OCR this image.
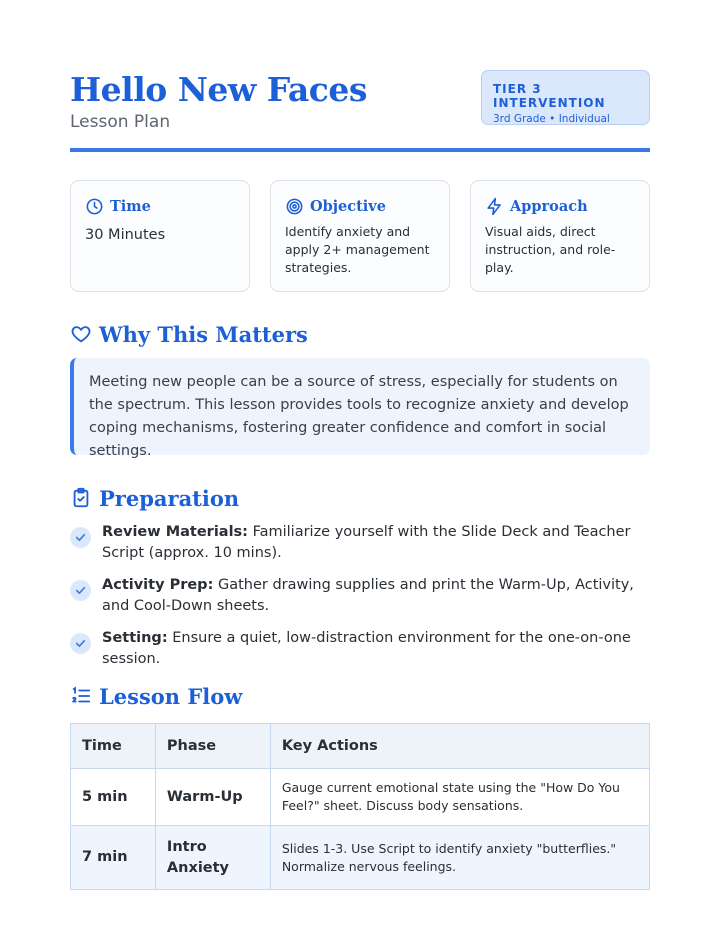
Hello New Faces
Lesson Plan
TIER 3 INTERVENTION
3rd Grade • Individual
Time
30 Minutes
Objective
Identify anxiety and apply 2+ management strategies.
Approach
Visual aids, direct instruction, and role-play.
Why This Matters
Meeting new people can be a source of stress, especially for students on the spectrum. This lesson provides tools to recognize anxiety and develop coping mechanisms, fostering greater confidence and comfort in social settings.
Preparation
Review Materials: Familiarize yourself with the Slide Deck and Teacher Script (approx. 10 mins).
Activity Prep: Gather drawing supplies and print the Warm-Up, Activity, and Cool-Down sheets.
Setting: Ensure a quiet, low-distraction environment for the one-on-one session.
Lesson Flow
Time	Phase	Key Actions
5 min	Warm-Up	Gauge current emotional state using the "How Do You Feel?" sheet. Discuss body sensations.
7 min	Intro Anxiety	Slides 1-3. Use Script to identify anxiety "butterflies." Normalize nervous feelings.
